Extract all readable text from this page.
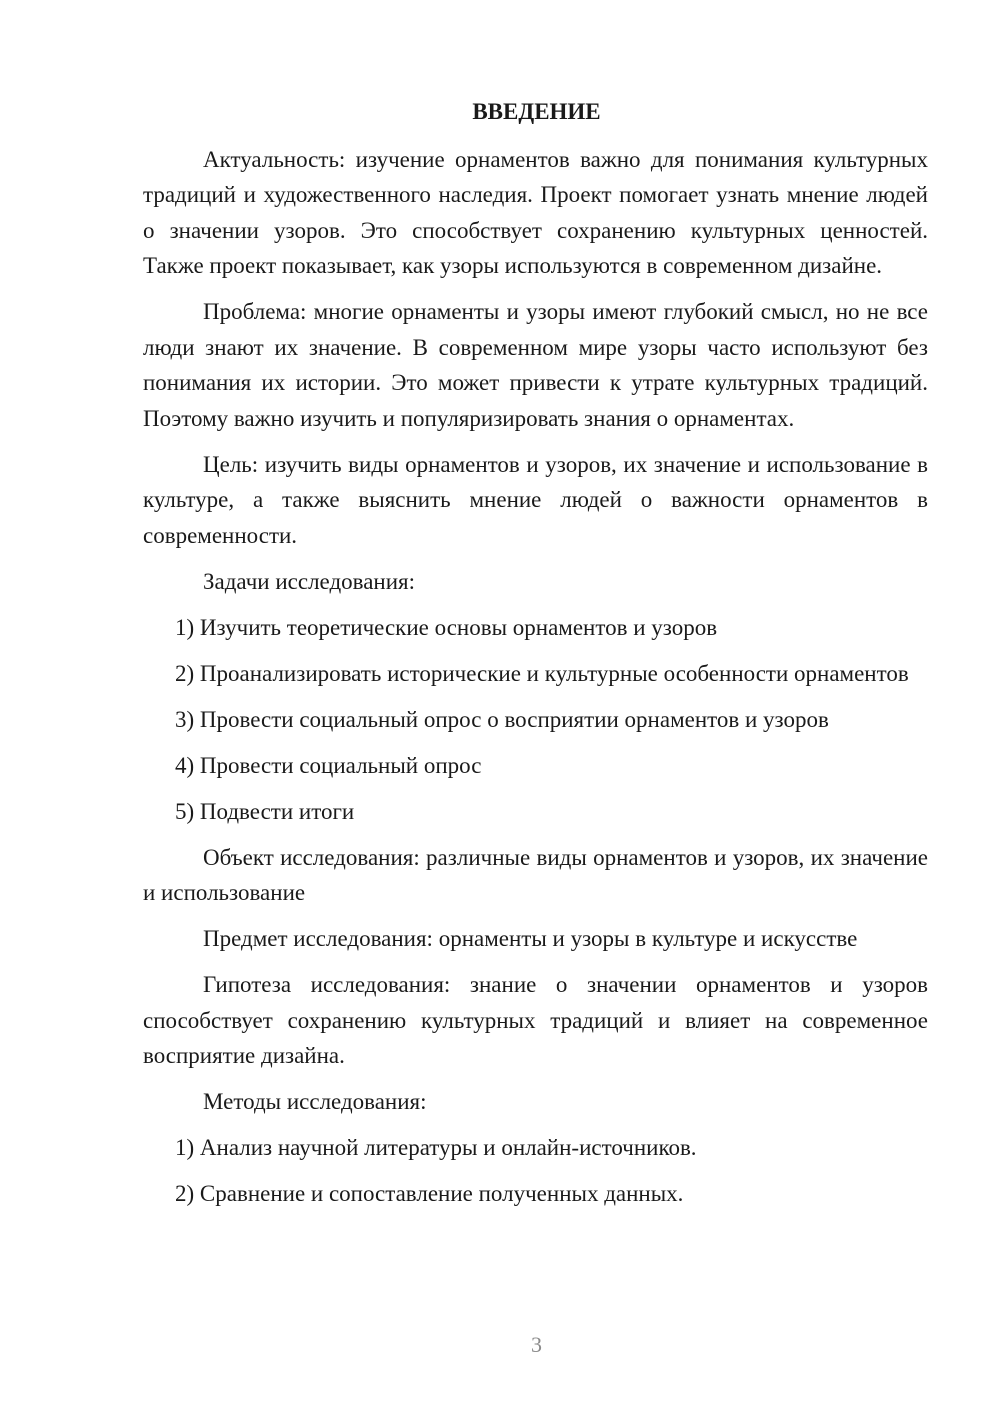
ВВЕДЕНИЕ

Актуальность: изучение орнаментов важно для понимания культурных традиций и художественного наследия. Проект помогает узнать мнение людей о значении узоров. Это способствует сохранению культурных ценностей. Также проект показывает, как узоры используются в современном дизайне.

Проблема: многие орнаменты и узоры имеют глубокий смысл, но не все люди знают их значение. В современном мире узоры часто используют без понимания их истории. Это может привести к утрате культурных традиций. Поэтому важно изучить и популяризировать знания о орнаментах.

Цель: изучить виды орнаментов и узоров, их значение и использование в культуре, а также выяснить мнение людей о важности орнаментов в современности.

Задачи исследования:

1) Изучить теоретические основы орнаментов и узоров

2) Проанализировать исторические и культурные особенности орнаментов

3) Провести социальный опрос о восприятии орнаментов и узоров

4) Провести социальный опрос

5) Подвести итоги

Объект исследования: различные виды орнаментов и узоров, их значение и использование

Предмет исследования: орнаменты и узоры в культуре и искусстве

Гипотеза исследования: знание о значении орнаментов и узоров способствует сохранению культурных традиций и влияет на современное восприятие дизайна.

Методы исследования:

1) Анализ научной литературы и онлайн-источников.

2) Сравнение и сопоставление полученных данных.

3
